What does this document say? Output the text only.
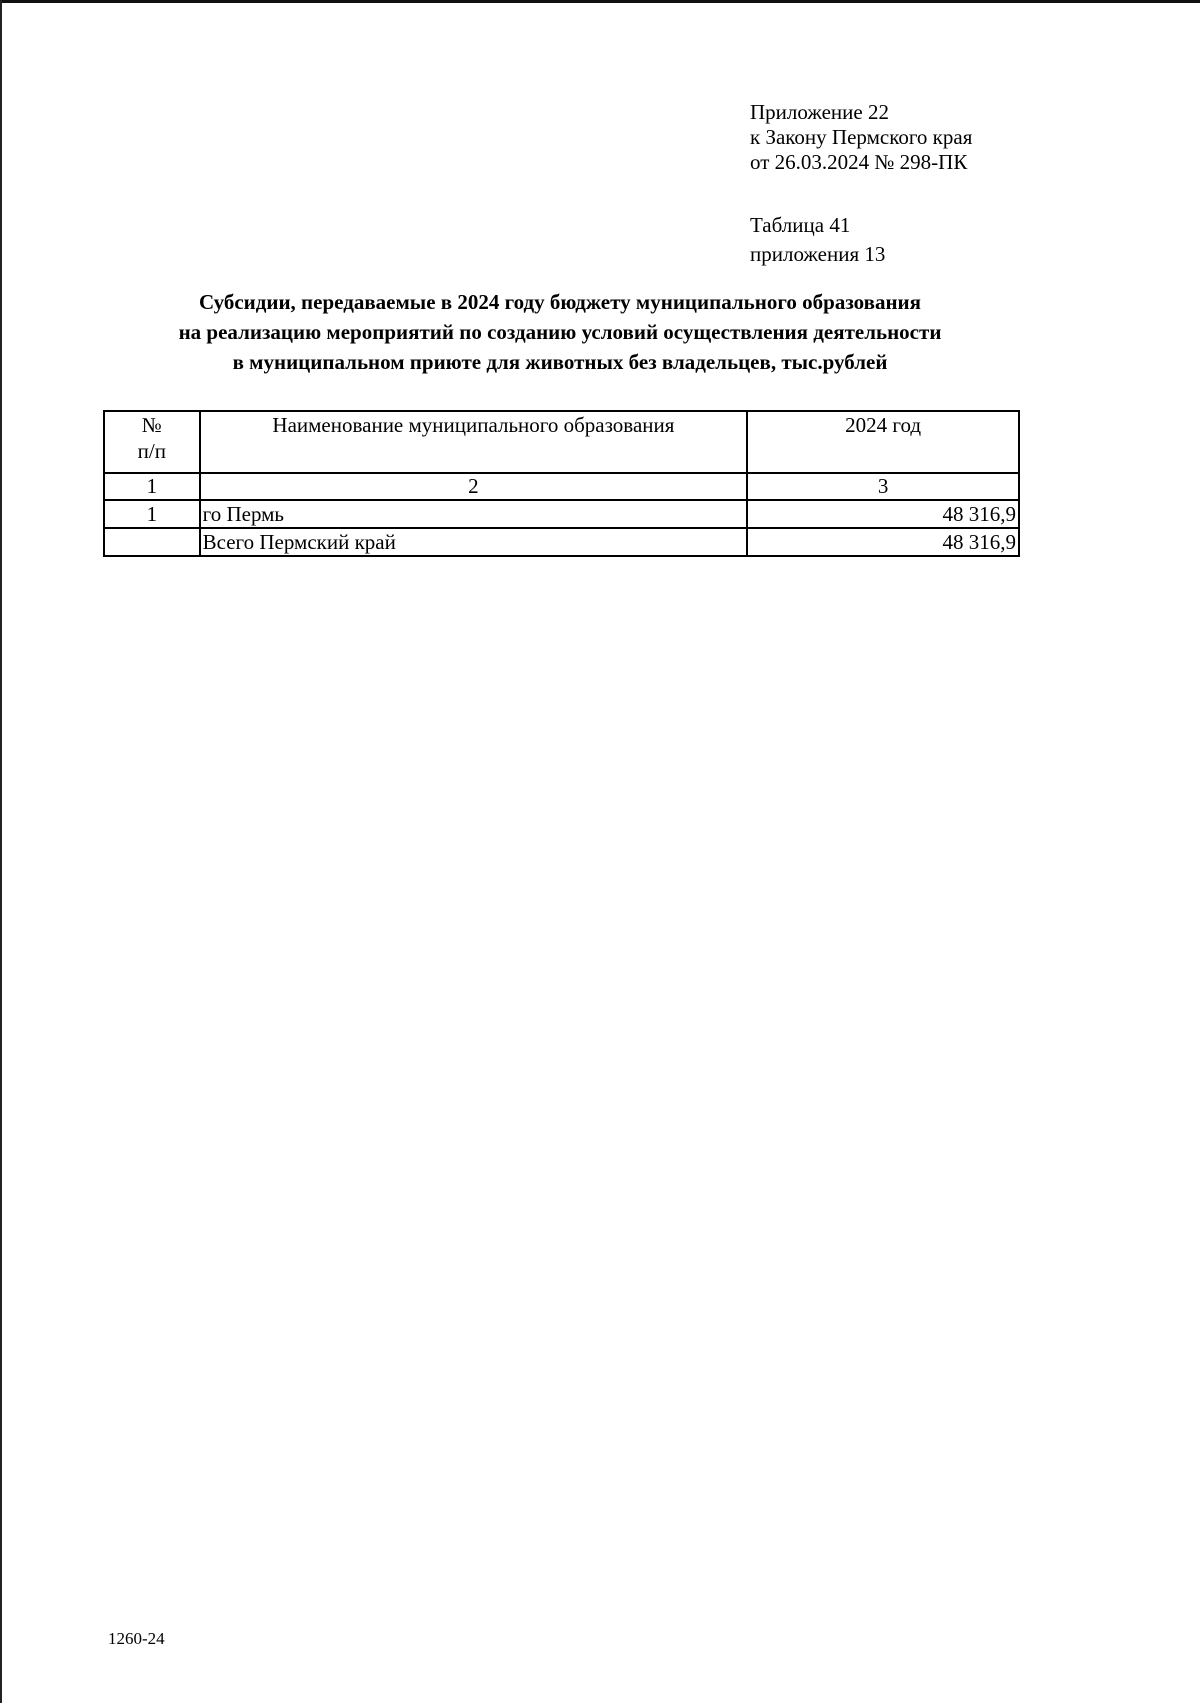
Приложение 22
к Закону Пермского края
от 26.03.2024 № 298-ПК
Таблица 41
приложения 13
Субсидии, передаваемые в 2024 году бюджету муниципального образования
на реализацию мероприятий по созданию условий осуществления деятельности
в муниципальном приюте для животных без владельцев, тыс.рублей
№
п/п	Наименование муниципального образования	2024 год
1	2	3
1	го Пермь	48 316,9
	Всего Пермский край	48 316,9
1260-24
